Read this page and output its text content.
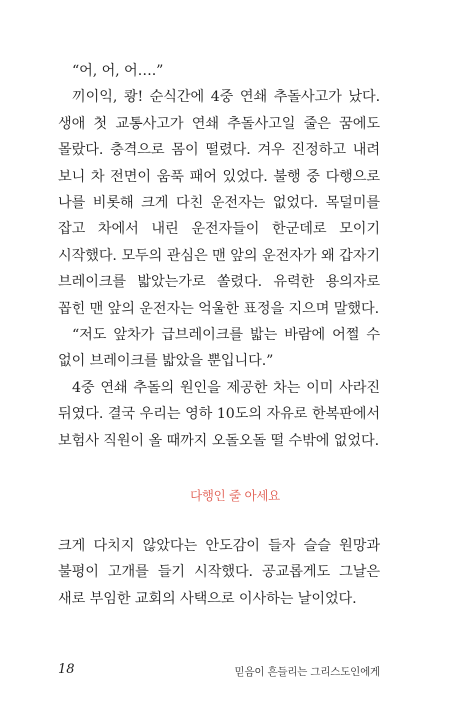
“어, 어, 어….”

끼이익, 쾅! 순식간에 4중 연쇄 추돌사고가 났다. 생애 첫 교통사고가 연쇄 추돌사고일 줄은 꿈에도 몰랐다. 충격으로 몸이 떨렸다. 겨우 진정하고 내려 보니 차 전면이 움푹 패어 있었다. 불행 중 다행으로 나를 비롯해 크게 다친 운전자는 없었다. 목덜미를 잡고 차에서 내린 운전자들이 한군데로 모이기 시작했다. 모두의 관심은 맨 앞의 운전자가 왜 갑자기 브레이크를 밟았는가로 쏠렸다. 유력한 용의자로 꼽힌 맨 앞의 운전자는 억울한 표정을 지으며 말했다.

“저도 앞차가 급브레이크를 밟는 바람에 어쩔 수 없이 브레이크를 밟았을 뿐입니다.”

4중 연쇄 추돌의 원인을 제공한 차는 이미 사라진 뒤였다. 결국 우리는 영하 10도의 자유로 한복판에서 보험사 직원이 올 때까지 오돌오돌 떨 수밖에 없었다.

다행인 줄 아세요

크게 다치지 않았다는 안도감이 들자 슬슬 원망과 불평이 고개를 들기 시작했다. 공교롭게도 그날은 새로 부임한 교회의 사택으로 이사하는 날이었다.

18	믿음이 흔들리는 그리스도인에게
